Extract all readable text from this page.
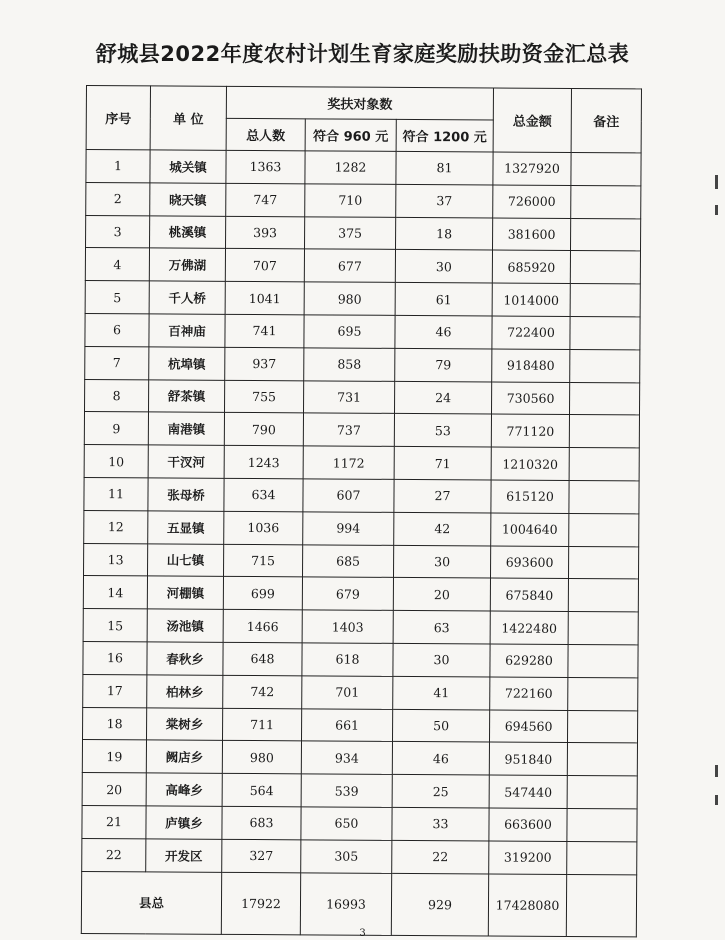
舒城县2022年度农村计划生育家庭奖励扶助资金汇总表
序号	单 位	奖扶对象数			总金额	备注
		总人数	符合 960 元	符合 1200 元		
1	城关镇	1363	1282	81	1327920	
2	晓天镇	747	710	37	726000	
3	桃溪镇	393	375	18	381600	
4	万佛湖	707	677	30	685920	
5	千人桥	1041	980	61	1014000	
6	百神庙	741	695	46	722400	
7	杭埠镇	937	858	79	918480	
8	舒茶镇	755	731	24	730560	
9	南港镇	790	737	53	771120	
10	干汊河	1243	1172	71	1210320	
11	张母桥	634	607	27	615120	
12	五显镇	1036	994	42	1004640	
13	山七镇	715	685	30	693600	
14	河棚镇	699	679	20	675840	
15	汤池镇	1466	1403	63	1422480	
16	春秋乡	648	618	30	629280	
17	柏林乡	742	701	41	722160	
18	棠树乡	711	661	50	694560	
19	阙店乡	980	934	46	951840	
20	高峰乡	564	539	25	547440	
21	庐镇乡	683	650	33	663600	
22	开发区	327	305	22	319200	
县总		17922	16993	929	17428080	
3
